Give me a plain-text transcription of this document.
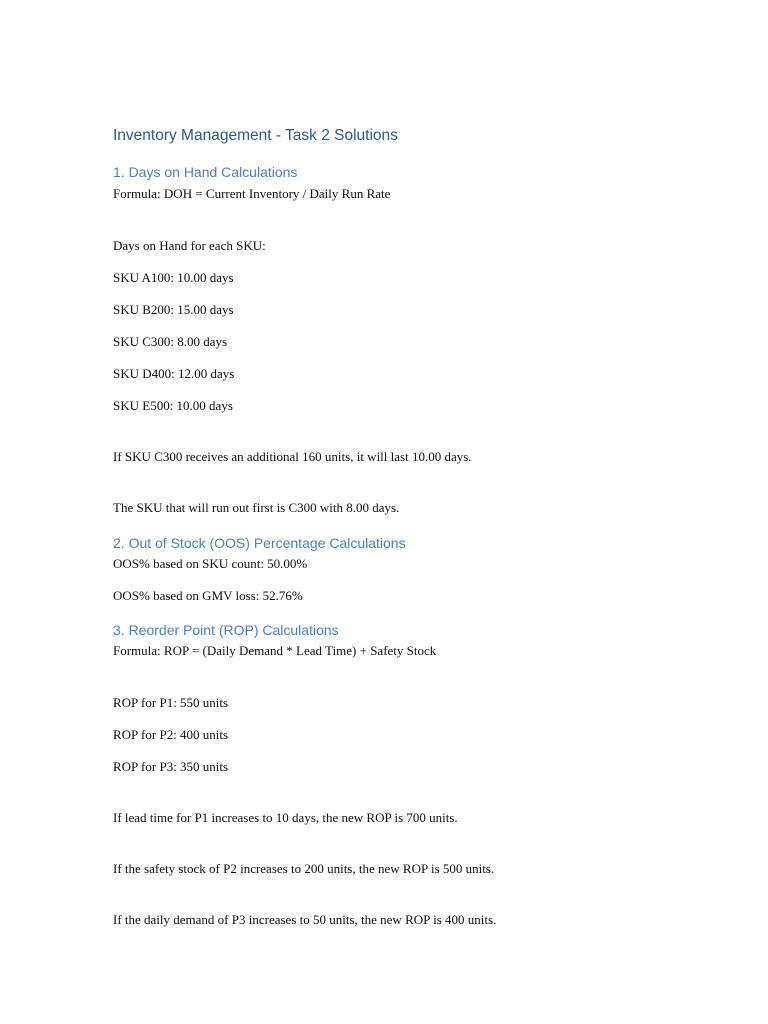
Inventory Management - Task 2 Solutions
1. Days on Hand Calculations
Formula: DOH = Current Inventory / Daily Run Rate
Days on Hand for each SKU:
SKU A100: 10.00 days
SKU B200: 15.00 days
SKU C300: 8.00 days
SKU D400: 12.00 days
SKU E500: 10.00 days
If SKU C300 receives an additional 160 units, it will last 10.00 days.
The SKU that will run out first is C300 with 8.00 days.
2. Out of Stock (OOS) Percentage Calculations
OOS% based on SKU count: 50.00%
OOS% based on GMV loss: 52.76%
3. Reorder Point (ROP) Calculations
Formula: ROP = (Daily Demand * Lead Time) + Safety Stock
ROP for P1: 550 units
ROP for P2: 400 units
ROP for P3: 350 units
If lead time for P1 increases to 10 days, the new ROP is 700 units.
If the safety stock of P2 increases to 200 units, the new ROP is 500 units.
If the daily demand of P3 increases to 50 units, the new ROP is 400 units.
